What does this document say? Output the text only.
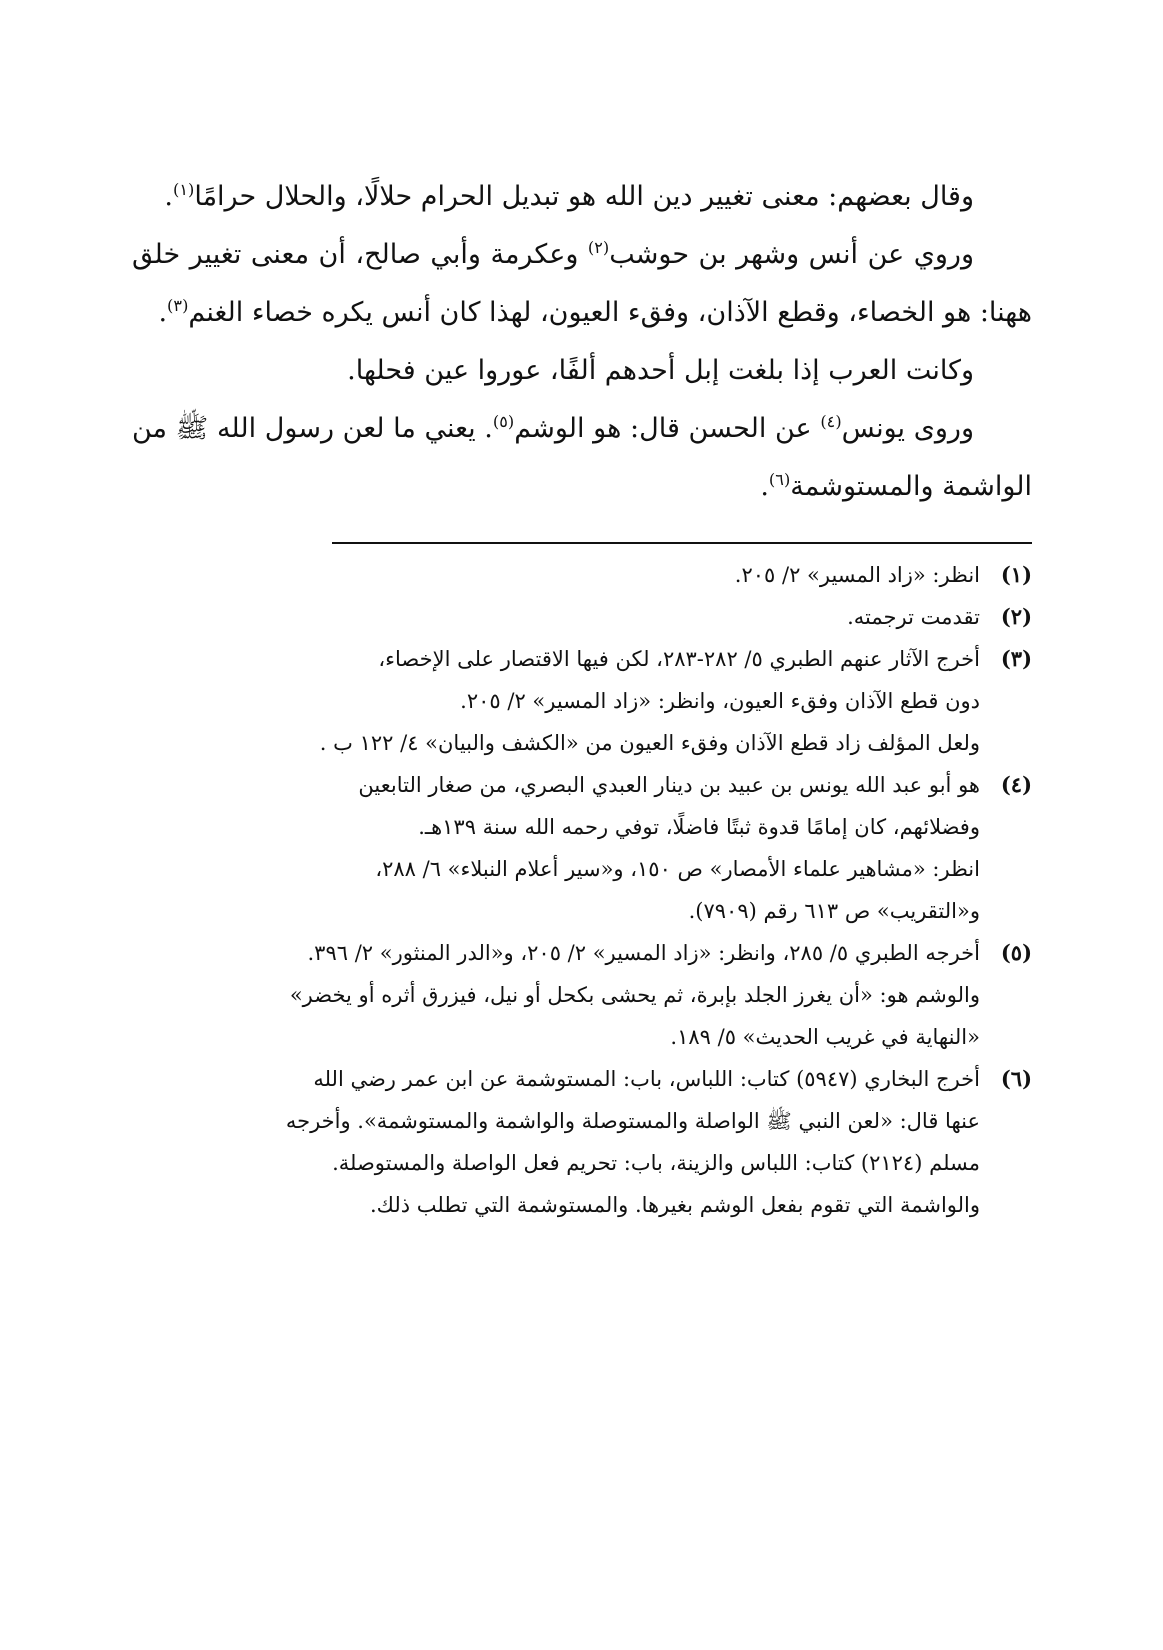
وقال بعضهم: معنى تغيير دين الله هو تبديل الحرام حلالًا، والحلال حرامًا$^{(١)}$.

وروي عن أنس وشهر بن حوشب$^{(٢)}$ وعكرمة وأبي صالح، أن معنى تغيير خلق ههنا: هو الخصاء، وقطع الآذان، وفقء العيون، لهذا كان أنس يكره خصاء الغنم$^{(٣)}$.

وكانت العرب إذا بلغت إبل أحدهم ألفًا، عوروا عين فحلها.

وروى يونس$^{(٤)}$ عن الحسن قال: هو الوشم$^{(٥)}$. يعني ما لعن رسول الله ﷺ من الواشمة والمستوشمة$^{(٦)}$.

(١)
انظر: «زاد المسير» ٢/ ٢٠٥.
(٢)
تقدمت ترجمته.
(٣)
أخرج الآثار عنهم الطبري ٥/ ٢٨٢-٢٨٣، لكن فيها الاقتصار على الإخصاء،
دون قطع الآذان وفقء العيون، وانظر: «زاد المسير» ٢/ ٢٠٥.
ولعل المؤلف زاد قطع الآذان وفقء العيون من «الكشف والبيان» ٤/ ١٢٢ ب .
(٤)
هو أبو عبد الله يونس بن عبيد بن دينار العبدي البصري، من صغار التابعين
وفضلائهم، كان إمامًا قدوة ثبتًا فاضلًا، توفي رحمه الله سنة ١٣٩هـ.
انظر: «مشاهير علماء الأمصار» ص ١٥٠، و«سير أعلام النبلاء» ٦/ ٢٨٨،
و«التقريب» ص ٦١٣ رقم (٧٩٠٩).
(٥)
أخرجه الطبري ٥/ ٢٨٥، وانظر: «زاد المسير» ٢/ ٢٠٥، و«الدر المنثور» ٢/ ٣٩٦.
والوشم هو: «أن يغرز الجلد بإبرة، ثم يحشى بكحل أو نيل، فيزرق أثره أو يخضر»
«النهاية في غريب الحديث» ٥/ ١٨٩.
(٦)
أخرج البخاري (٥٩٤٧) كتاب: اللباس، باب: المستوشمة عن ابن عمر رضي الله
عنها قال: «لعن النبي ﷺ الواصلة والمستوصلة والواشمة والمستوشمة». وأخرجه
مسلم (٢١٢٤) كتاب: اللباس والزينة، باب: تحريم فعل الواصلة والمستوصلة.
والواشمة التي تقوم بفعل الوشم بغيرها. والمستوشمة التي تطلب ذلك.
